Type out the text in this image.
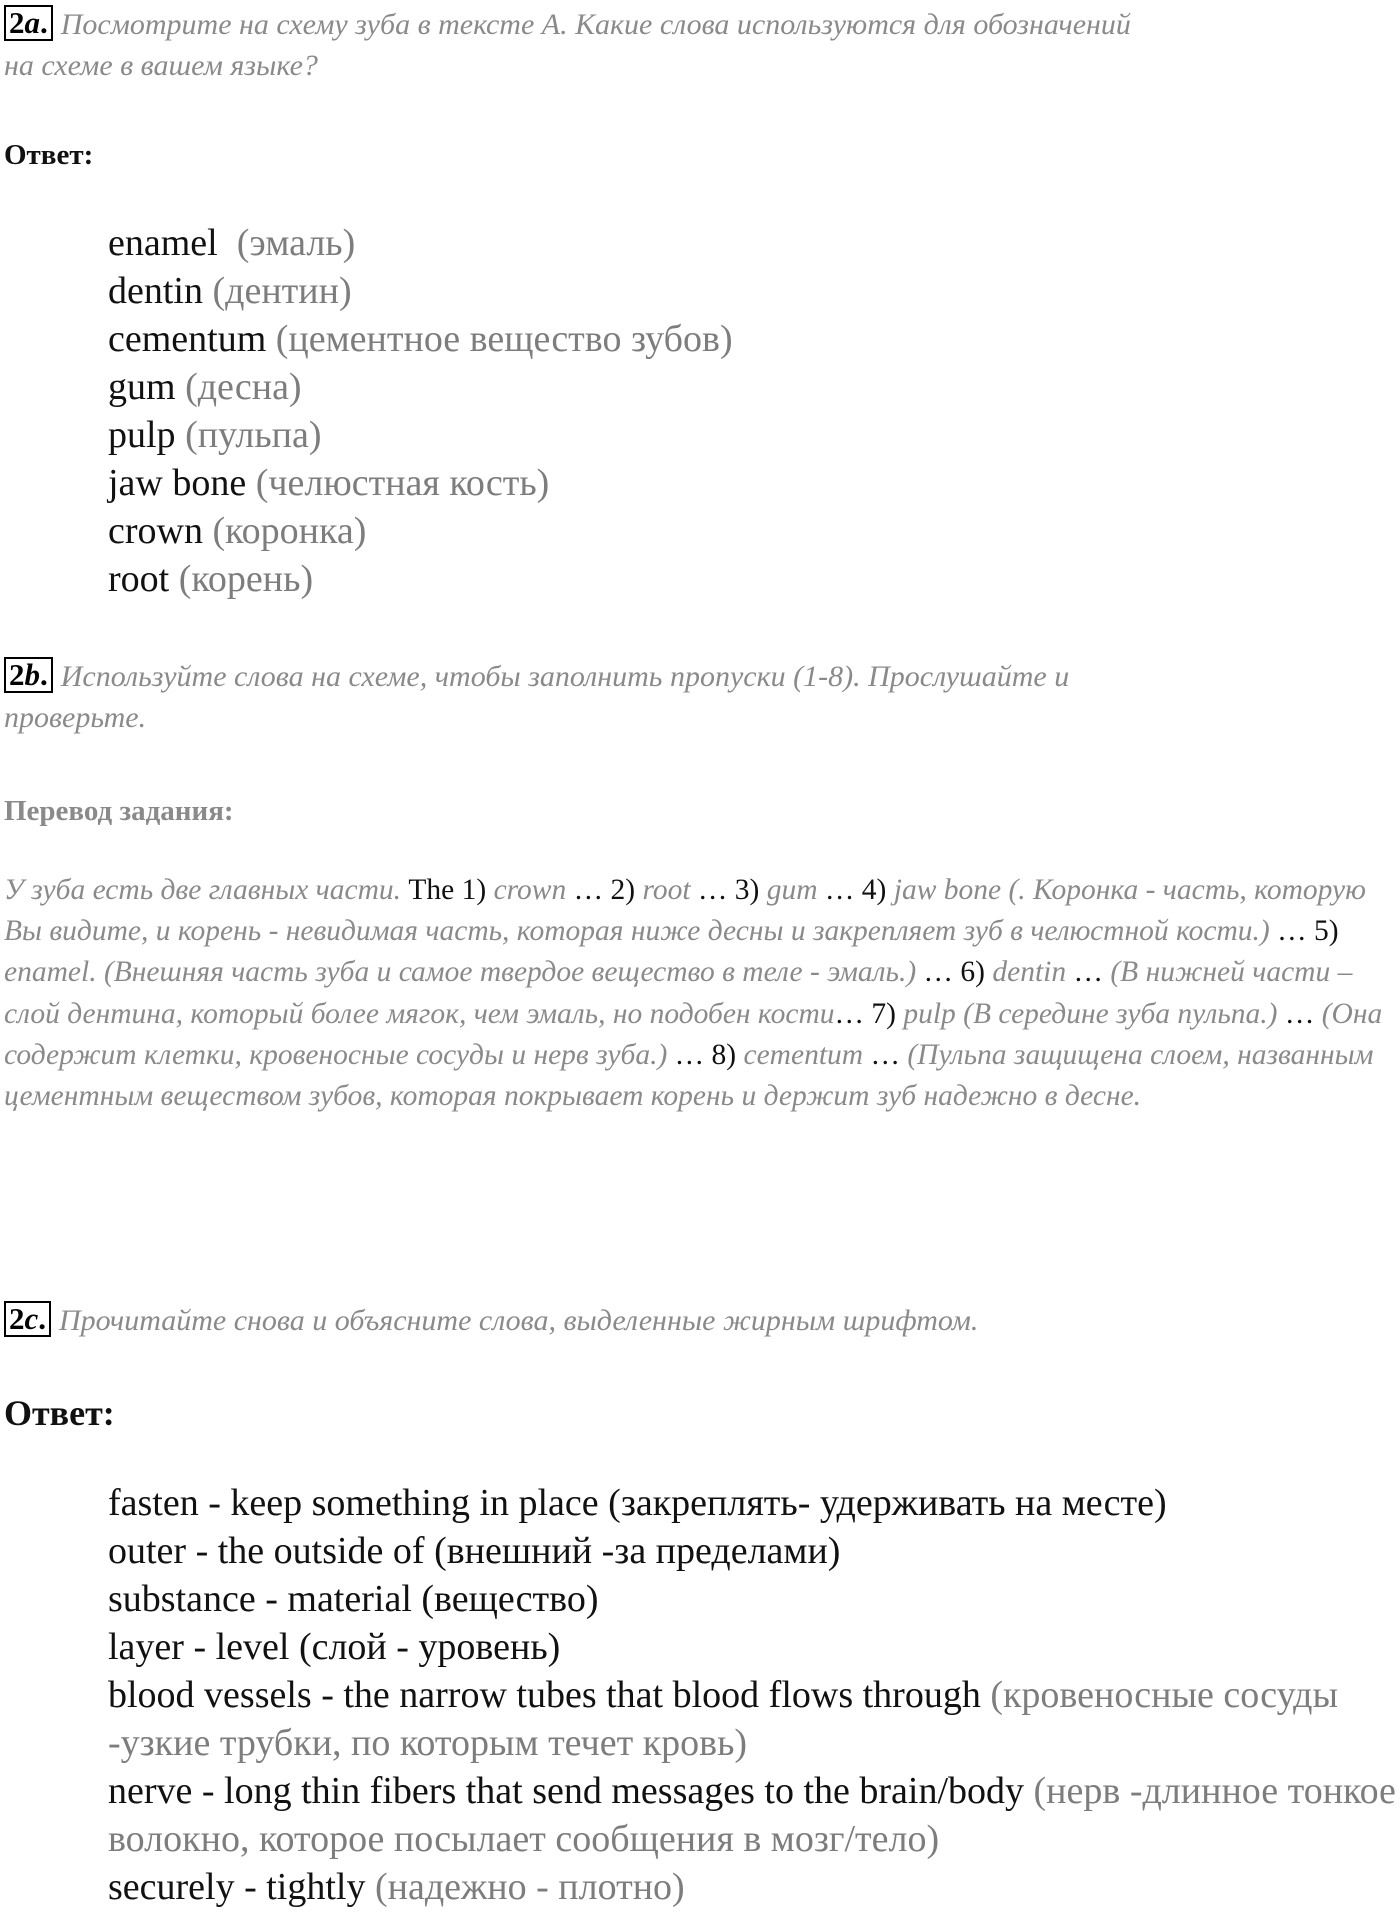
2a. Посмотрите на схему зуба в тексте А. Какие слова используются для обозначений
на схеме в вашем языке?
Ответ:
enamel (эмаль)
dentin (дентин)
cementum (цементное вещество зубов)
gum (десна)
pulp (пульпа)
jaw bone (челюстная кость)
crown (коронка)
root (корень)
2b. Используйте слова на схеме, чтобы заполнить пропуски (1-8). Прослушайте и
проверьте.
Перевод задания:
У зуба есть две главных части. The 1) crown … 2) root … 3) gum … 4) jaw bone (. Коронка - часть, которую Вы видите, и корень - невидимая часть, которая ниже десны и закрепляет зуб в челюстной кости.) … 5) enamel. (Внешняя часть зуба и самое твердое вещество в теле - эмаль.) … 6) dentin … (В нижней части – слой дентина, который более мягок, чем эмаль, но подобен кости… 7) pulp (В середине зуба пульпа.) … (Она содержит клетки, кровеносные сосуды и нерв зуба.) … 8) cementum … (Пульпа защищена слоем, названным цементным веществом зубов, которая покрывает корень и держит зуб надежно в десне.
2c. Прочитайте снова и объясните слова, выделенные жирным шрифтом.
Ответ:
fasten - keep something in place (закреплять- удерживать на месте)
outer - the outside of (внешний -за пределами)
substance - material (вещество)
layer - level (слой - уровень)
blood vessels - the narrow tubes that blood flows through (кровеносные сосуды -узкие трубки, по которым течет кровь)
nerve - long thin fibers that send messages to the brain/body (нерв -длинное тонкое волокно, которое посылает сообщения в мозг/тело)
securely - tightly (надежно - плотно)
